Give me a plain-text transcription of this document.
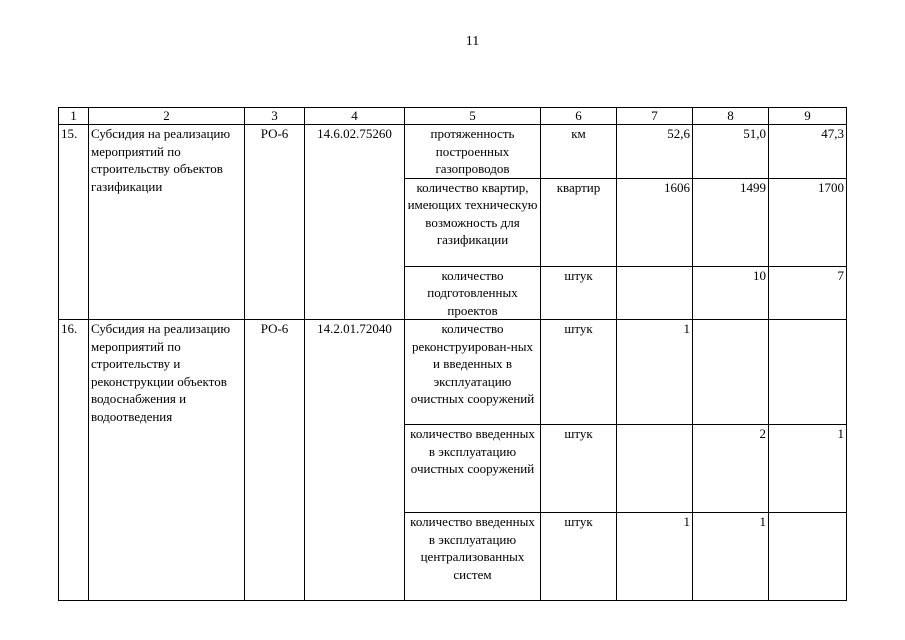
11
1	2	3	4	5	6	7	8	9
15.	Субсидия на реализацию мероприятий по строительству объектов газификации	РО-6	14.6.02.75260	протяженность построенных газопроводов	км	52,6	51,0	47,3
				количество квартир, имеющих техническую возможность для газификации	квартир	1606	1499	1700
				количество подготовленных проектов	штук		10	7
16.	Субсидия на реализацию мероприятий по строительству и реконструкции объектов водоснабжения и водоотведения	РО-6	14.2.01.72040	количество реконструирован-ных и введенных в эксплуатацию очистных сооружений	штук	1		
				количество введенных в эксплуатацию очистных сооружений	штук		2	1
				количество введенных в эксплуатацию централизованных систем	штук	1	1	
